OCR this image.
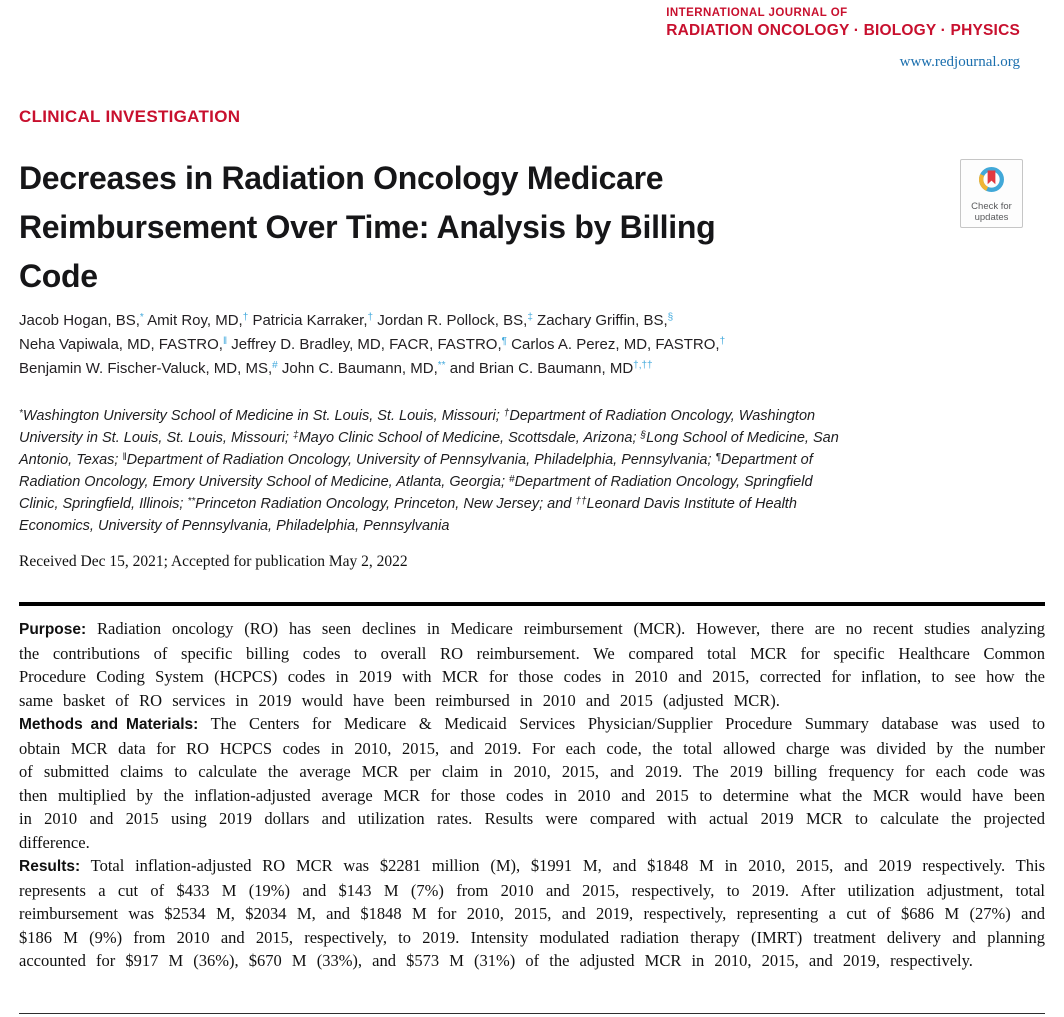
INTERNATIONAL JOURNAL OF
RADIATION ONCOLOGY · BIOLOGY · PHYSICS
www.redjournal.org
Check for updates
CLINICAL INVESTIGATION
Decreases in Radiation Oncology Medicare
Reimbursement Over Time: Analysis by Billing
Code
Jacob Hogan, BS,* Amit Roy, MD,† Patricia Karraker,† Jordan R. Pollock, BS,‡ Zachary Griffin, BS,§
Neha Vapiwala, MD, FASTRO,‖ Jeffrey D. Bradley, MD, FACR, FASTRO,¶ Carlos A. Perez, MD, FASTRO,†
Benjamin W. Fischer-Valuck, MD, MS,# John C. Baumann, MD,** and Brian C. Baumann, MD†,††
*Washington University School of Medicine in St. Louis, St. Louis, Missouri; †Department of Radiation Oncology, Washington University in St. Louis, St. Louis, Missouri; ‡Mayo Clinic School of Medicine, Scottsdale, Arizona; §Long School of Medicine, San Antonio, Texas; ‖Department of Radiation Oncology, University of Pennsylvania, Philadelphia, Pennsylvania; ¶Department of Radiation Oncology, Emory University School of Medicine, Atlanta, Georgia; #Department of Radiation Oncology, Springfield Clinic, Springfield, Illinois; **Princeton Radiation Oncology, Princeton, New Jersey; and ††Leonard Davis Institute of Health Economics, University of Pennsylvania, Philadelphia, Pennsylvania
Received Dec 15, 2021; Accepted for publication May 2, 2022
Purpose: Radiation oncology (RO) has seen declines in Medicare reimbursement (MCR). However, there are no recent studies analyzing the contributions of specific billing codes to overall RO reimbursement. We compared total MCR for specific Healthcare Common Procedure Coding System (HCPCS) codes in 2019 with MCR for those codes in 2010 and 2015, corrected for inflation, to see how the same basket of RO services in 2019 would have been reimbursed in 2010 and 2015 (adjusted MCR).
Methods and Materials: The Centers for Medicare & Medicaid Services Physician/Supplier Procedure Summary database was used to obtain MCR data for RO HCPCS codes in 2010, 2015, and 2019. For each code, the total allowed charge was divided by the number of submitted claims to calculate the average MCR per claim in 2010, 2015, and 2019. The 2019 billing frequency for each code was then multiplied by the inflation-adjusted average MCR for those codes in 2010 and 2015 to determine what the MCR would have been in 2010 and 2015 using 2019 dollars and utilization rates. Results were compared with actual 2019 MCR to calculate the projected difference.
Results: Total inflation-adjusted RO MCR was $2281 million (M), $1991 M, and $1848 M in 2010, 2015, and 2019 respectively. This represents a cut of $433 M (19%) and $143 M (7%) from 2010 and 2015, respectively, to 2019. After utilization adjustment, total reimbursement was $2534 M, $2034 M, and $1848 M for 2010, 2015, and 2019, respectively, representing a cut of $686 M (27%) and $186 M (9%) from 2010 and 2015, respectively, to 2019. Intensity modulated radiation therapy (IMRT) treatment delivery and planning accounted for $917 M (36%), $670 M (33%), and $573 M (31%) of the adjusted MCR in 2010, 2015, and 2019, respectively.
